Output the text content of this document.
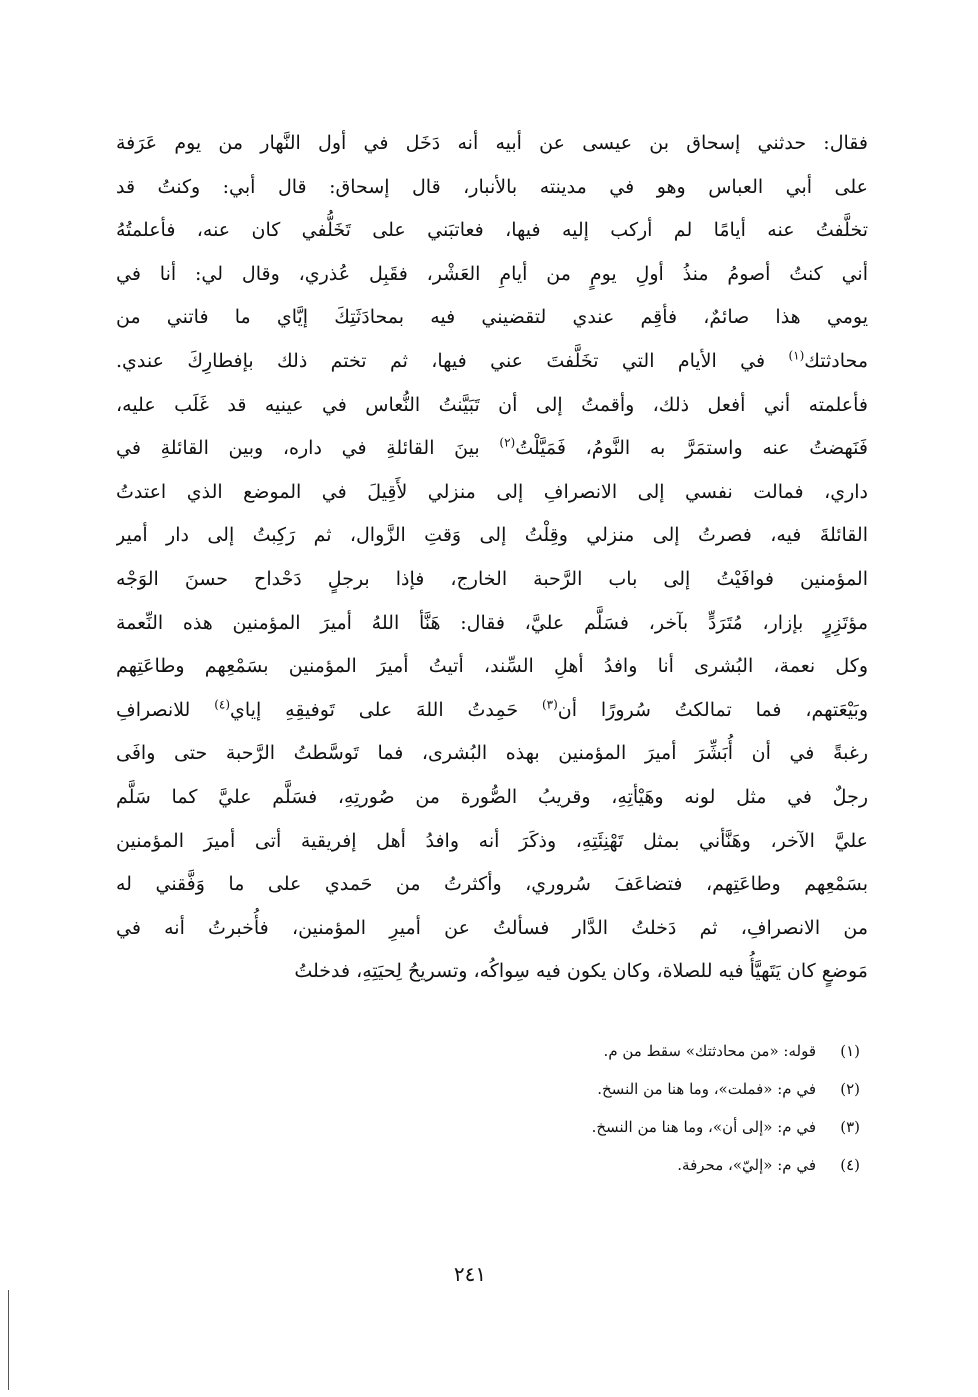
فقال: حدثني إسحاق بن عيسى عن أبيه أنه دَخَل في أول النَّهار من يوم عَرَفة
على أبي العباس وهو في مدينته بالأنبار، قال إسحاق: قال أبي: وكنتُ قد
تخلَّفتُ عنه أيامًا لم أركب إليه فيها، فعاتبَني على تَخَلُّفي كان عنه، فأعلمتُهُ
أني كنتُ أصومُ منذُ أولِ يومٍ من أيامِ العَشْر، فقَبِل عُذري، وقال لي: أنا في
يومي هذا صائمٌ، فأقِم عندي لتقضيني فيه بمحادَثَتِكَ إيَّاي ما فاتني من
محادثتك$^{(١)}$ في الأيام التي تخَلَّفتَ عني فيها، ثم تختم ذلك بإفطارِكَ عندي.
فأعلمته أني أفعل ذلك، وأقمتُ إلى أن تَبَيَّنتُ النُّعاس في عينيه قد غَلَب عليه،
فَنَهضتُ عنه واستمَرَّ به النَّومُ، فَمَيَّلْتُ$^{(٢)}$ بينَ القائلةِ في داره، وبين القائلةِ في
داري، فمالت نفسي إلى الانصرافِ إلى منزلي لأَقِيلَ في الموضع الذي اعتدتُ
القائلةَ فيه، فصرتُ إلى منزلي وقِلْتُ إلى وَقتِ الزَّوال، ثم رَكِبتُ إلى دار أمير
المؤمنين فوافَيْتُ إلى باب الرَّحبة الخارج، فإذا برجلٍ دَحْداح حسنَ الوَجْه
مؤتَزِرٍ بإزار، مُتَرَدٍّ بآخر، فسَلَّم عليَّ، فقال: هَنَّأ اللهُ أميرَ المؤمنين هذه النِّعمة
وكل نعمة، البُشرى أنا وافدُ أهلِ السِّند، أتيتُ أميرَ المؤمنين بسَمْعِهم وطاعَتِهم
وبَيْعَتهم، فما تمالكتُ سُرورًا أن$^{(٣)}$ حَمِدتُ اللهَ على تَوفيقِهِ إياي$^{(٤)}$ للانصرافِ
رغبةً في أن أُبَشِّرَ أميرَ المؤمنين بهذه البُشرى، فما تَوسَّطتُ الرَّحبة حتى وافَى
رجلٌ في مثل لونه وهَيْأتِهِ، وقريبُ الصُّورة من صُورتِهِ، فسَلَّم عليَّ كما سَلَّم
عليَّ الآخر، وهَنَّأني بمثل تَهْنِئَتِهِ، وذكَرَ أنه وافدُ أهل إفريقية أتى أميرَ المؤمنين
بسَمْعِهم وطاعَتِهم، فتضاعَفَ سُروري، وأكثرتُ من حَمدي على ما وَفَّقني له
من الانصرافِ، ثم دَخلتُ الدَّار فسألتُ عن أميرِ المؤمنين، فأُخبرتُ أنه في
مَوضعٍ كان يَتَهيَّأُ فيه للصلاة، وكان يكون فيه سِواكُه، وتسريحُ لِحيَتِهِ، فدخلتُ
(١)قوله: «من محادثتك» سقط من م.
(٢)في م: «فملت»، وما هنا من النسخ.
(٣)في م: «إلى أن»، وما هنا من النسخ.
(٤)في م: «إليّ»، محرفة.
٢٤١
